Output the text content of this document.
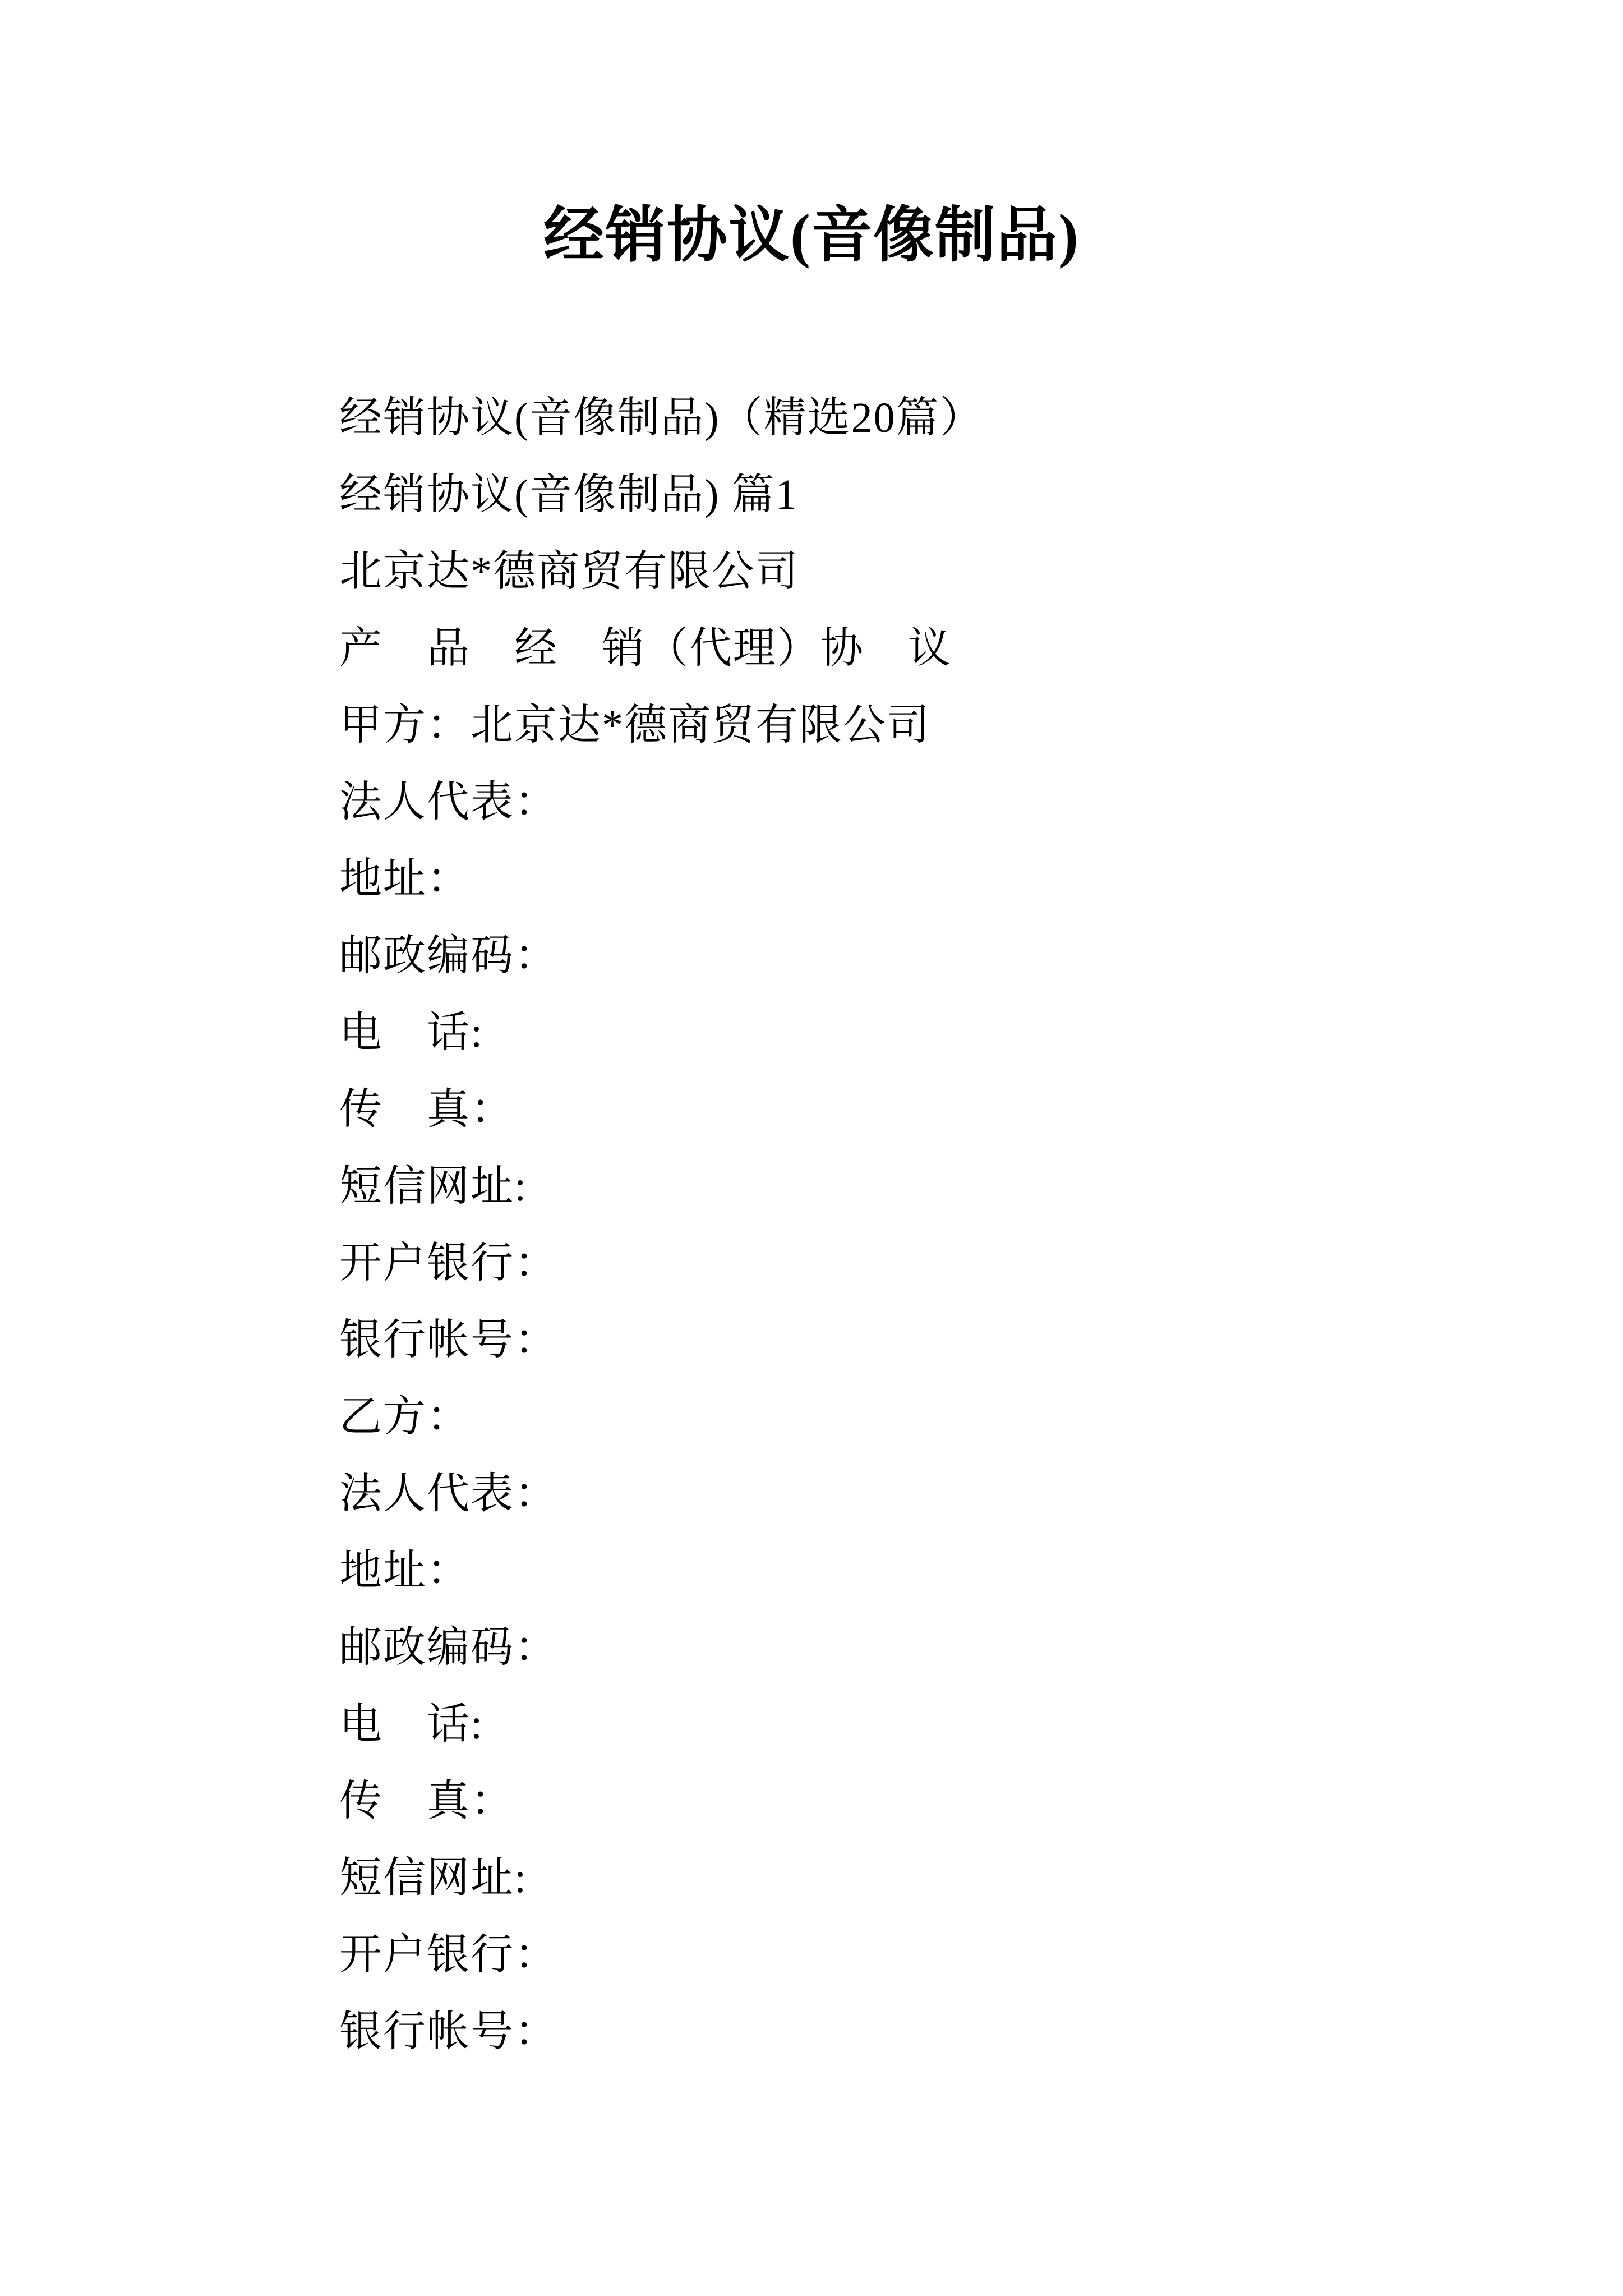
经销协议(音像制品)
经销协议(音像制品)（精选20篇）
经销协议(音像制品) 篇1
北京达*德商贸有限公司
产　品　经　销（代理）协　议
甲方：北京达*德商贸有限公司
法人代表：
地址：
邮政编码：
电　话:
传　真：
短信网址:
开户银行：
银行帐号：
乙方：
法人代表：
地址：
邮政编码：
电　话:
传　真：
短信网址:
开户银行：
银行帐号：
